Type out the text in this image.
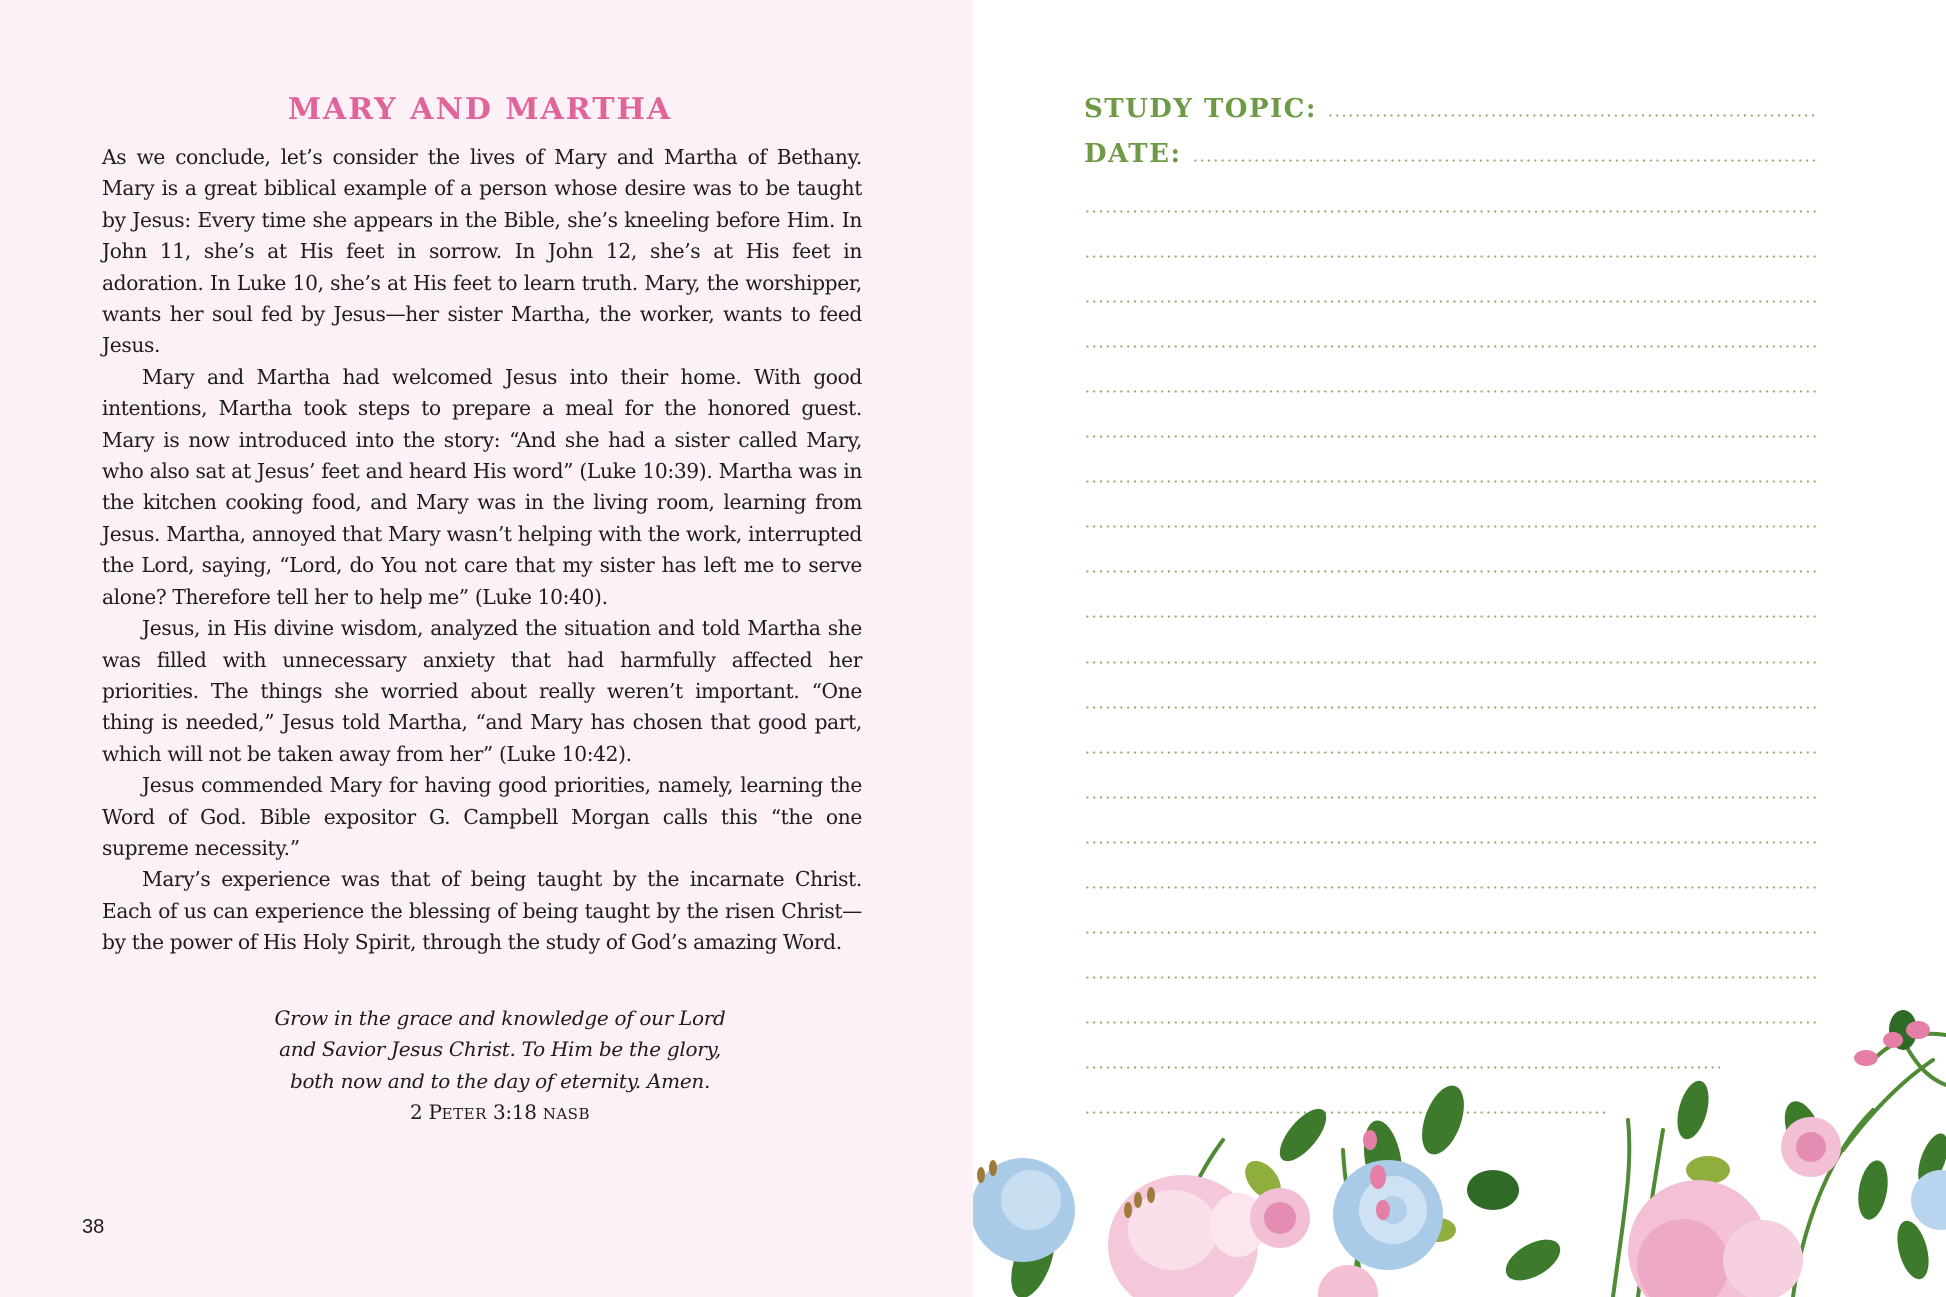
MARY AND MARTHA

As we conclude, let’s consider the lives of Mary and Martha of Bethany. Mary is a great biblical example of a person whose desire was to be taught by Jesus: Every time she appears in the Bible, she’s kneeling before Him. In John 11, she’s at His feet in sorrow. In John 12, she’s at His feet in adoration. In Luke 10, she’s at His feet to learn truth. Mary, the worshipper, wants her soul fed by Jesus—her sister Martha, the worker, wants to feed Jesus.

Mary and Martha had welcomed Jesus into their home. With good intentions, Martha took steps to prepare a meal for the honored guest. Mary is now introduced into the story: “And she had a sister called Mary, who also sat at Jesus’ feet and heard His word” (Luke 10:39). Martha was in the kitchen cooking food, and Mary was in the living room, learning from Jesus. Martha, annoyed that Mary wasn’t helping with the work, interrupted the Lord, saying, “Lord, do You not care that my sister has left me to serve alone? Therefore tell her to help me” (Luke 10:40).

Jesus, in His divine wisdom, analyzed the situation and told Martha she was filled with unnecessary anxiety that had harmfully affected her priorities. The things she worried about really weren’t important. “One thing is needed,” Jesus told Martha, “and Mary has chosen that good part, which will not be taken away from her” (Luke 10:42).

Jesus commended Mary for having good priorities, namely, learning the Word of God. Bible expositor G. Campbell Morgan calls this “the one supreme necessity.”

Mary’s experience was that of being taught by the incarnate Christ. Each of us can experience the blessing of being taught by the risen Christ—by the power of His Holy Spirit, through the study of God’s amazing Word.

Grow in the grace and knowledge of our Lord
and Savior Jesus Christ. To Him be the glory,
both now and to the day of eternity. Amen.
2 PETER 3:18 NASB
38
STUDY TOPIC:
DATE:
